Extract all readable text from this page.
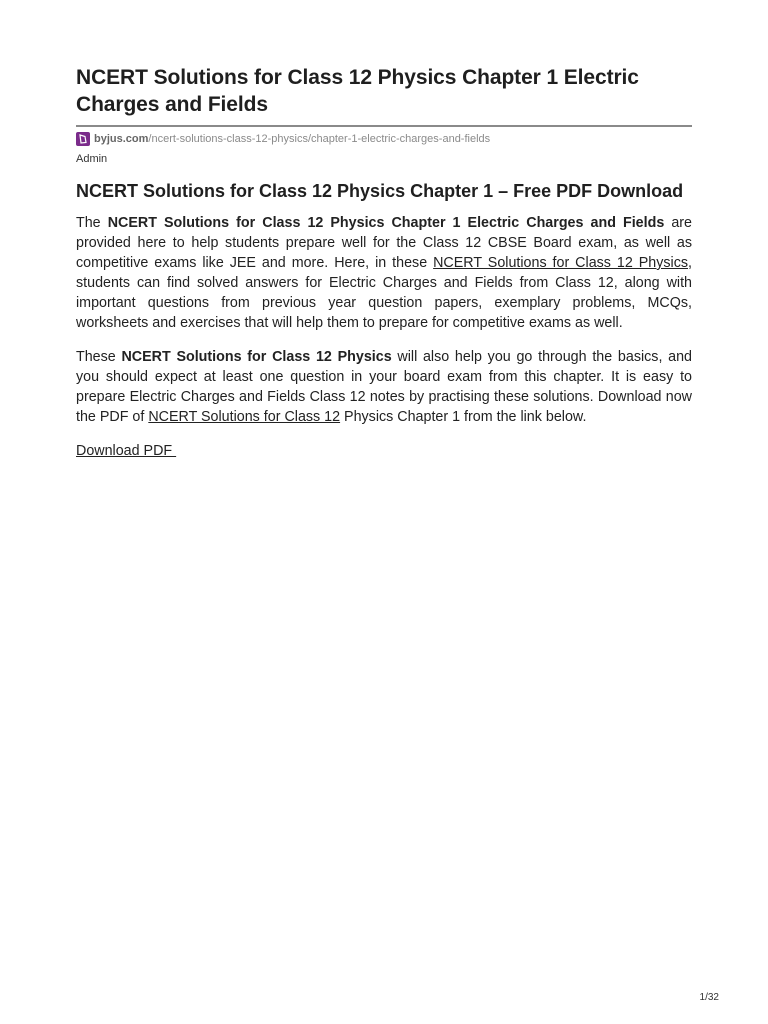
NCERT Solutions for Class 12 Physics Chapter 1 Electric Charges and Fields
byjus.com /ncert-solutions-class-12-physics/chapter-1-electric-charges-and-fields
Admin
NCERT Solutions for Class 12 Physics Chapter 1 – Free PDF Download

The NCERT Solutions for Class 12 Physics Chapter 1 Electric Charges and Fields are provided here to help students prepare well for the Class 12 CBSE Board exam, as well as competitive exams like JEE and more. Here, in these NCERT Solutions for Class 12 Physics, students can find solved answers for Electric Charges and Fields from Class 12, along with important questions from previous year question papers, exemplary problems, MCQs, worksheets and exercises that will help them to prepare for competitive exams as well.

These NCERT Solutions for Class 12 Physics will also help you go through the basics, and you should expect at least one question in your board exam from this chapter. It is easy to prepare Electric Charges and Fields Class 12 notes by practising these solutions. Download now the PDF of NCERT Solutions for Class 12 Physics Chapter 1 from the link below.

Download PDF
1/32
